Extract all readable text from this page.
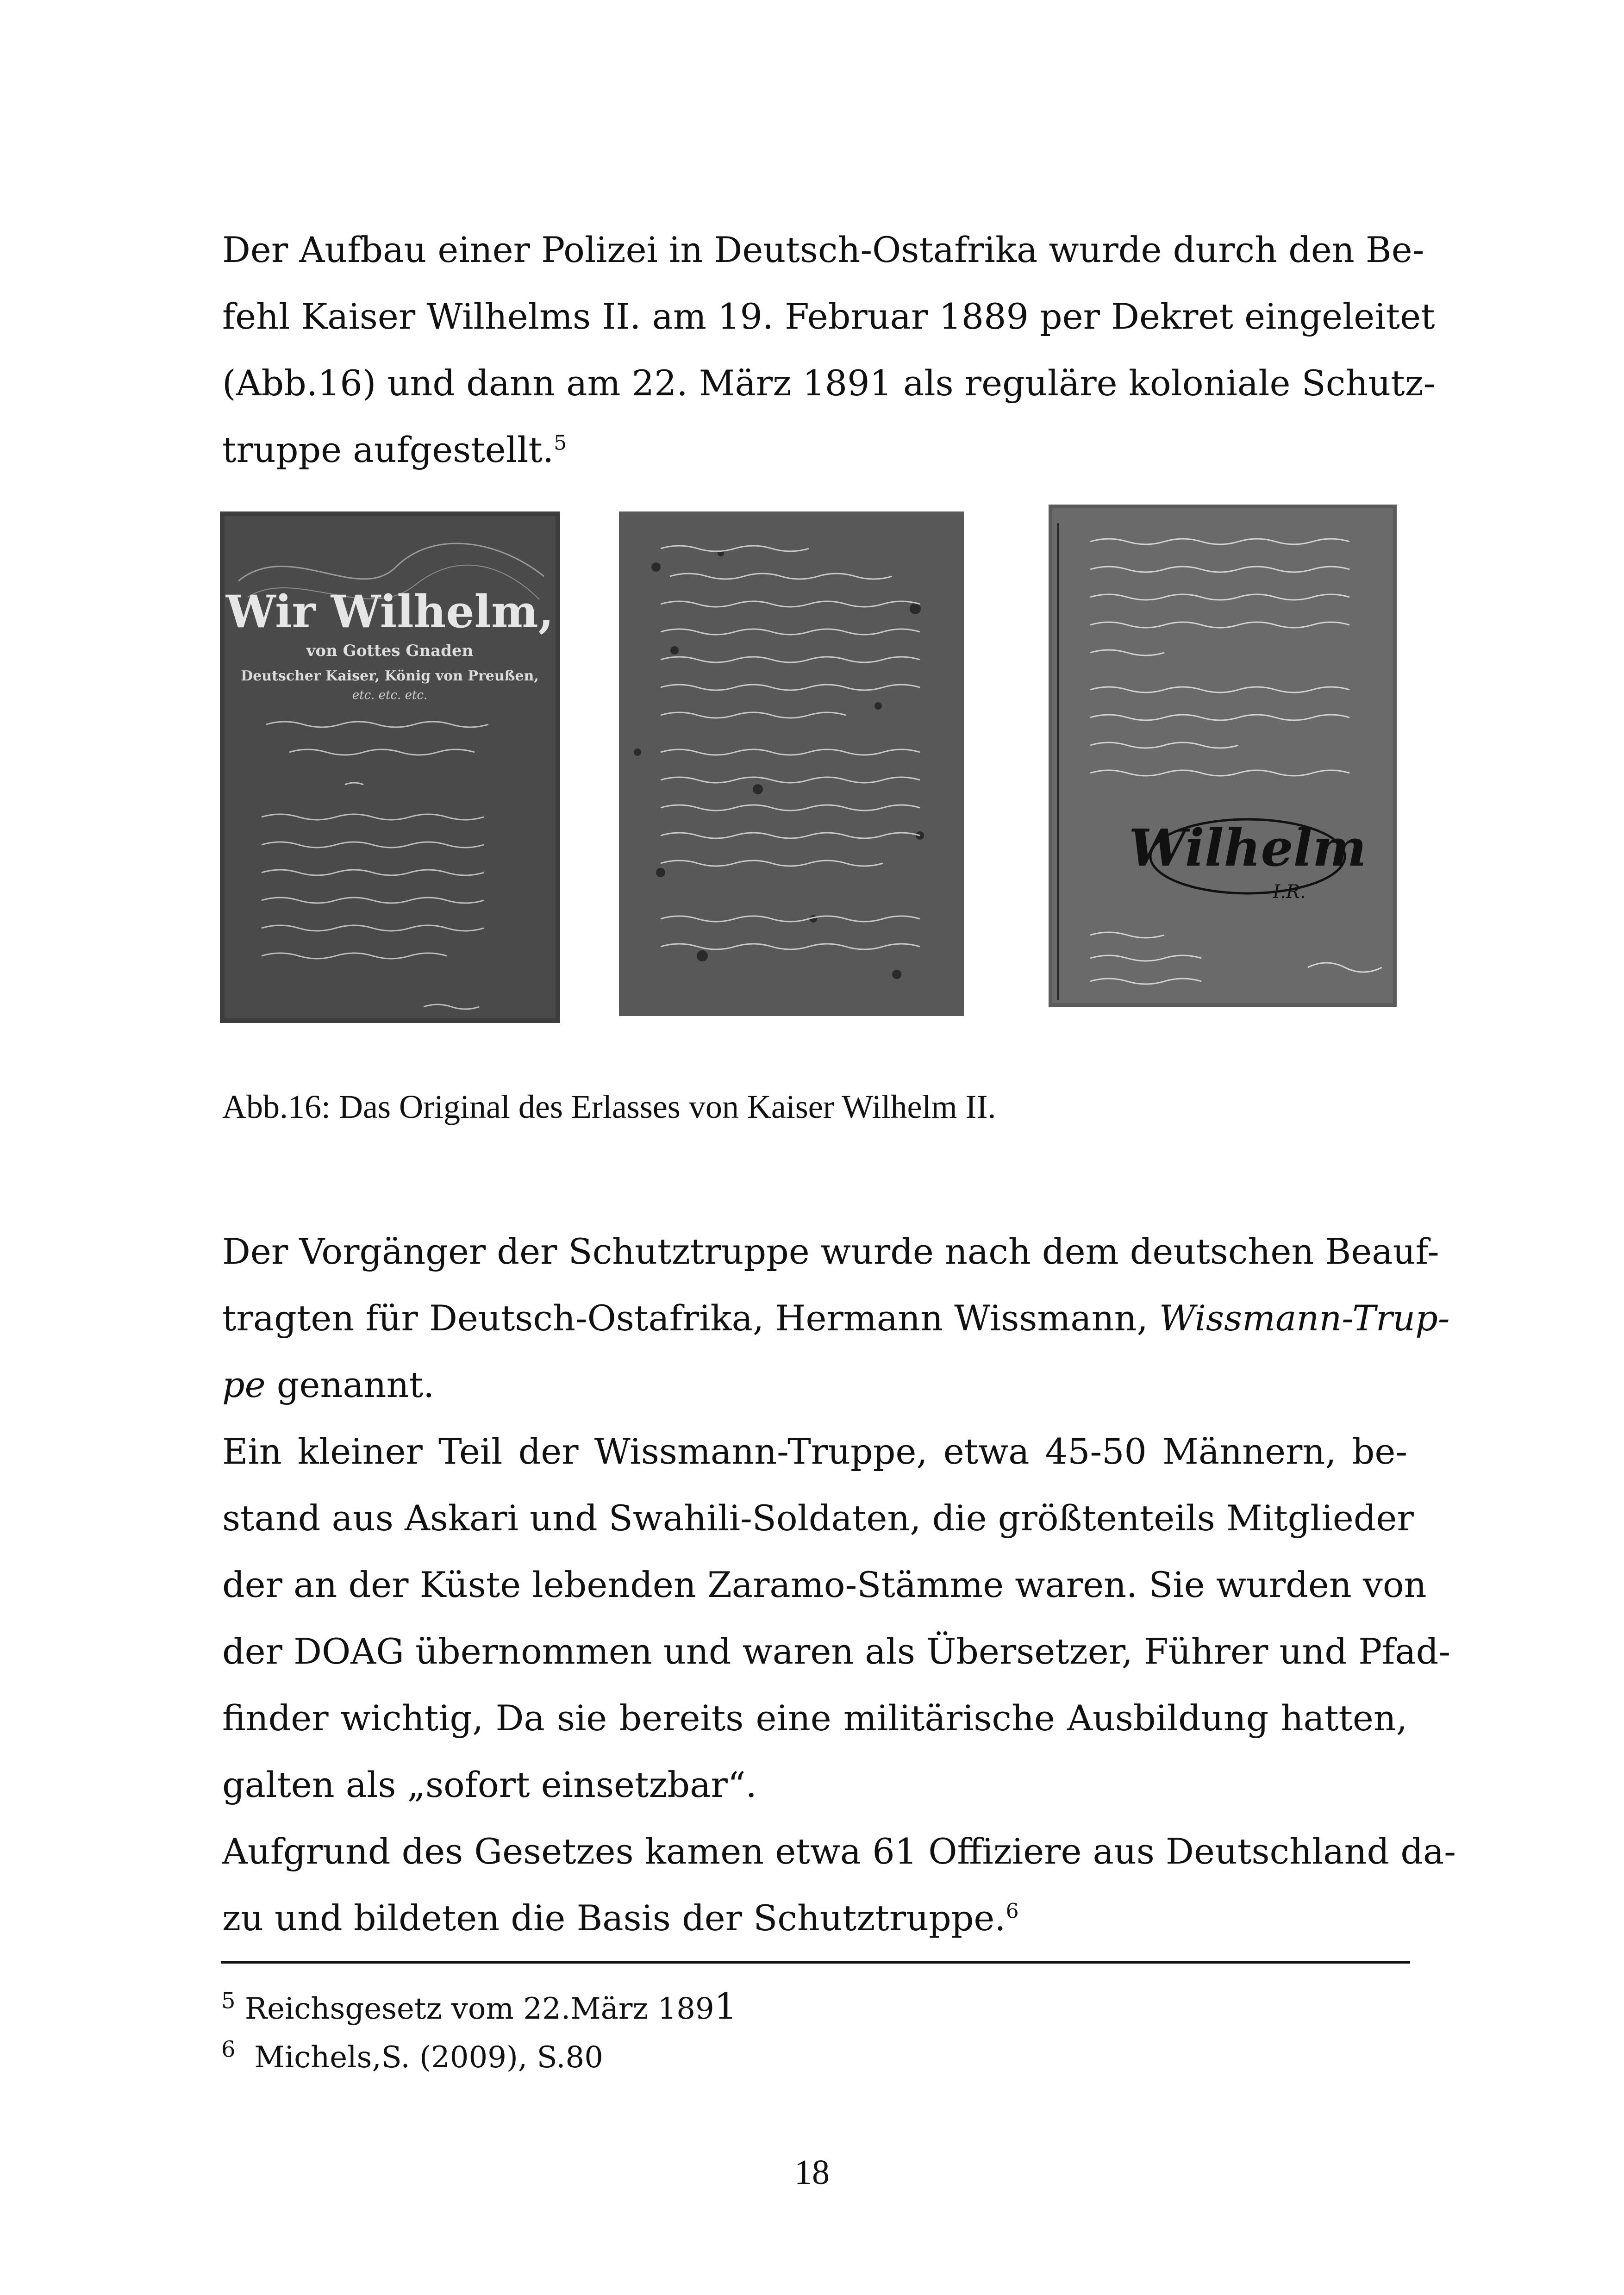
Der Aufbau einer Polizei in Deutsch-Ostafrika wurde durch den Be-
fehl Kaiser Wilhelms II. am 19. Februar 1889 per Dekret eingeleitet
(Abb.16) und dann am 22. März 1891 als reguläre koloniale Schutz-
truppe aufgestellt.$^5$

Wir Wilhelm,
von Gottes Gnaden
Deutscher Kaiser, König von Preußen,
etc. etc. etc.
Wilhelm
I.R.
Abb.16: Das Original des Erlasses von Kaiser Wilhelm II.

Der Vorgänger der Schutztruppe wurde nach dem deutschen Beauf-
tragten für Deutsch-Ostafrika, Hermann Wissmann, Wissmann-Trup-
pe genannt.

Ein kleiner Teil der Wissmann-Truppe, etwa 45-50 Männern, be-
stand aus Askari und Swahili-Soldaten, die größtenteils Mitglieder
der an der Küste lebenden Zaramo-Stämme waren. Sie wurden von
der DOAG übernommen und waren als Übersetzer, Führer und Pfad-
finder wichtig, Da sie bereits eine militärische Ausbildung hatten,
galten als „sofort einsetzbar“.

Aufgrund des Gesetzes kamen etwa 61 Offiziere aus Deutschland da-
zu und bildeten die Basis der Schutztruppe.$^6$

$^5$ Reichsgesetz vom 22.März 1891
$^6$ Michels,S. (2009), S.80
18
